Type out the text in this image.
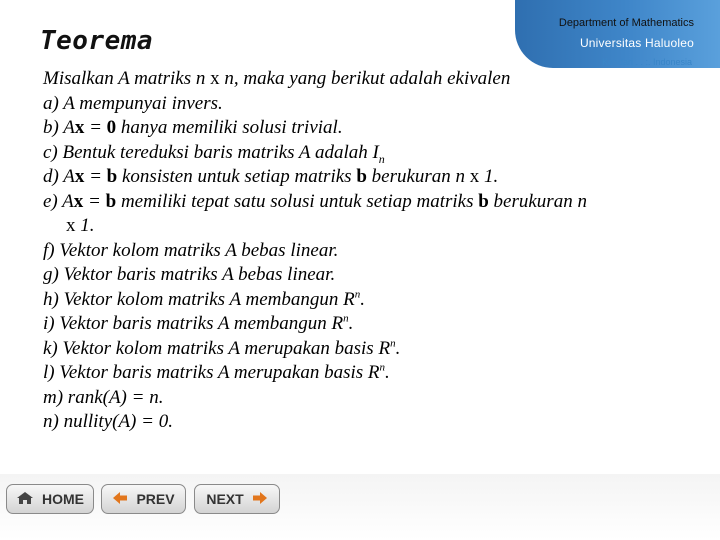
Department of Mathematics
Universitas Haluoleo
Kendari . . :. Indonesia
Teorema
Misalkan A matriks n x n, maka yang berikut adalah ekivalen
a) A mempunyai invers.
b) Ax = 0 hanya memiliki solusi trivial.
c) Bentuk tereduksi baris matriks A adalah $I_n$
d) Ax = b konsisten untuk setiap matriks b berukuran n x 1.
e) Ax = b memiliki tepat satu solusi untuk setiap matriks b berukuran n
x 1.
f) Vektor kolom matriks A bebas linear.
g) Vektor baris matriks A bebas linear.
h) Vektor kolom matriks A membangun $R^n$.
i) Vektor baris matriks A membangun $R^n$.
k) Vektor kolom matriks A merupakan basis $R^n$.
l) Vektor baris matriks A merupakan basis $R^n$.
m) rank(A) = n.
n) nullity(A) = 0.
HOME	PREV NEXT
